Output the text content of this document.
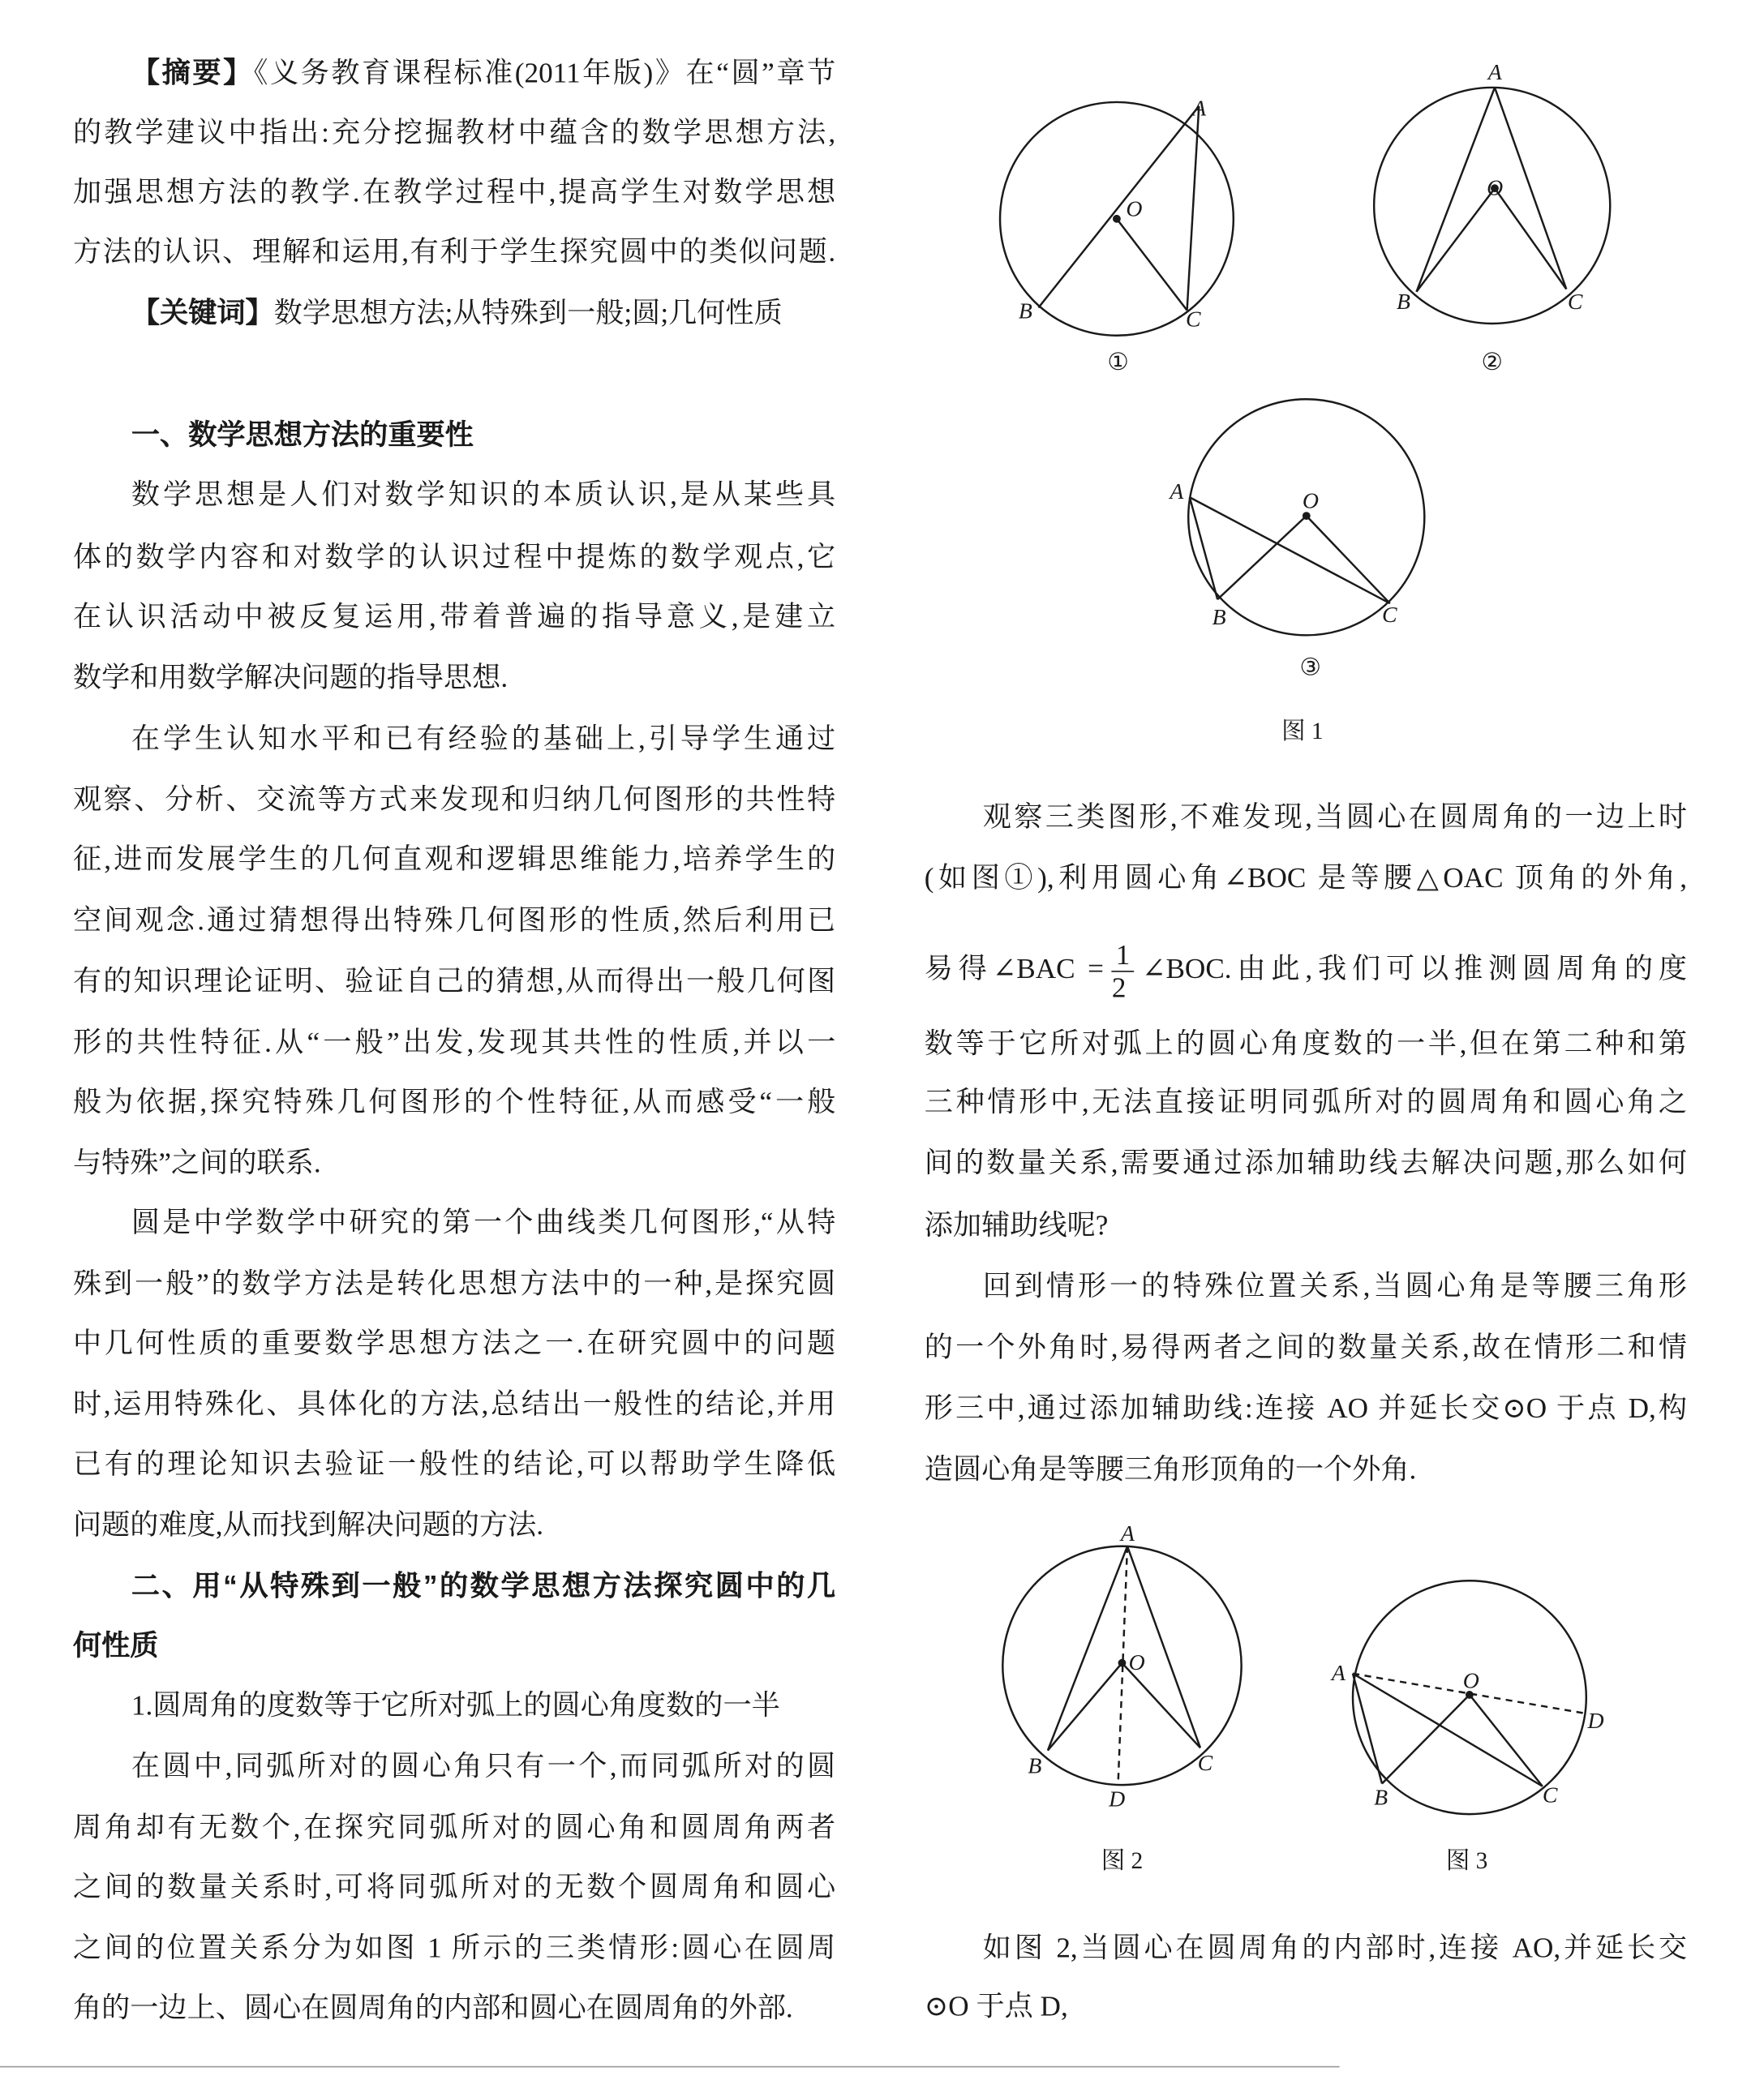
【摘要】《义务教育课程标准(2011年版)》在“圆”章节
的教学建议中指出:充分挖掘教材中蕴含的数学思想方法,
加强思想方法的教学.在教学过程中,提高学生对数学思想
方法的认识、理解和运用,有利于学生探究圆中的类似问题.
【关键词】数学思想方法;从特殊到一般;圆;几何性质
一、数学思想方法的重要性
数学思想是人们对数学知识的本质认识,是从某些具
体的数学内容和对数学的认识过程中提炼的数学观点,它
在认识活动中被反复运用,带着普遍的指导意义,是建立
数学和用数学解决问题的指导思想.
在学生认知水平和已有经验的基础上,引导学生通过
观察、分析、交流等方式来发现和归纳几何图形的共性特
征,进而发展学生的几何直观和逻辑思维能力,培养学生的
空间观念.通过猜想得出特殊几何图形的性质,然后利用已
有的知识理论证明、验证自己的猜想,从而得出一般几何图
形的共性特征.从“一般”出发,发现其共性的性质,并以一
般为依据,探究特殊几何图形的个性特征,从而感受“一般
与特殊”之间的联系.
圆是中学数学中研究的第一个曲线类几何图形,“从特
殊到一般”的数学方法是转化思想方法中的一种,是探究圆
中几何性质的重要数学思想方法之一.在研究圆中的问题
时,运用特殊化、具体化的方法,总结出一般性的结论,并用
已有的理论知识去验证一般性的结论,可以帮助学生降低
问题的难度,从而找到解决问题的方法.
二、用“从特殊到一般”的数学思想方法探究圆中的几
何性质
1.圆周角的度数等于它所对弧上的圆心角度数的一半
在圆中,同弧所对的圆心角只有一个,而同弧所对的圆
周角却有无数个,在探究同弧所对的圆心角和圆周角两者
之间的数量关系时,可将同弧所对的无数个圆周角和圆心
之间的位置关系分为如图 1 所示的三类情形:圆心在圆周
角的一边上、圆心在圆周角的内部和圆心在圆周角的外部.
观察三类图形,不难发现,当圆心在圆周角的一边上时
(如图①),利用圆心角∠BOC 是等腰△OAC 顶角的外角,
易得∠BAC = $\frac{1}{2}$ ∠BOC.由此,我们可以推测圆周角的度
数等于它所对弧上的圆心角度数的一半,但在第二种和第
三种情形中,无法直接证明同弧所对的圆周角和圆心角之
间的数量关系,需要通过添加辅助线去解决问题,那么如何
添加辅助线呢?
回到情形一的特殊位置关系,当圆心角是等腰三角形
的一个外角时,易得两者之间的数量关系,故在情形二和情
形三中,通过添加辅助线:连接 AO 并延长交⊙O 于点 D,构
造圆心角是等腰三角形顶角的一个外角.
如图 2,当圆心在圆周角的内部时,连接 AO,并延长交
⊙O 于点 D,
A
O
B	C
A
O
B	C
A	O
B	C
A
O
B	C
D
A	O
D
B	C
①	②
③
图 1
图 2	图 3
